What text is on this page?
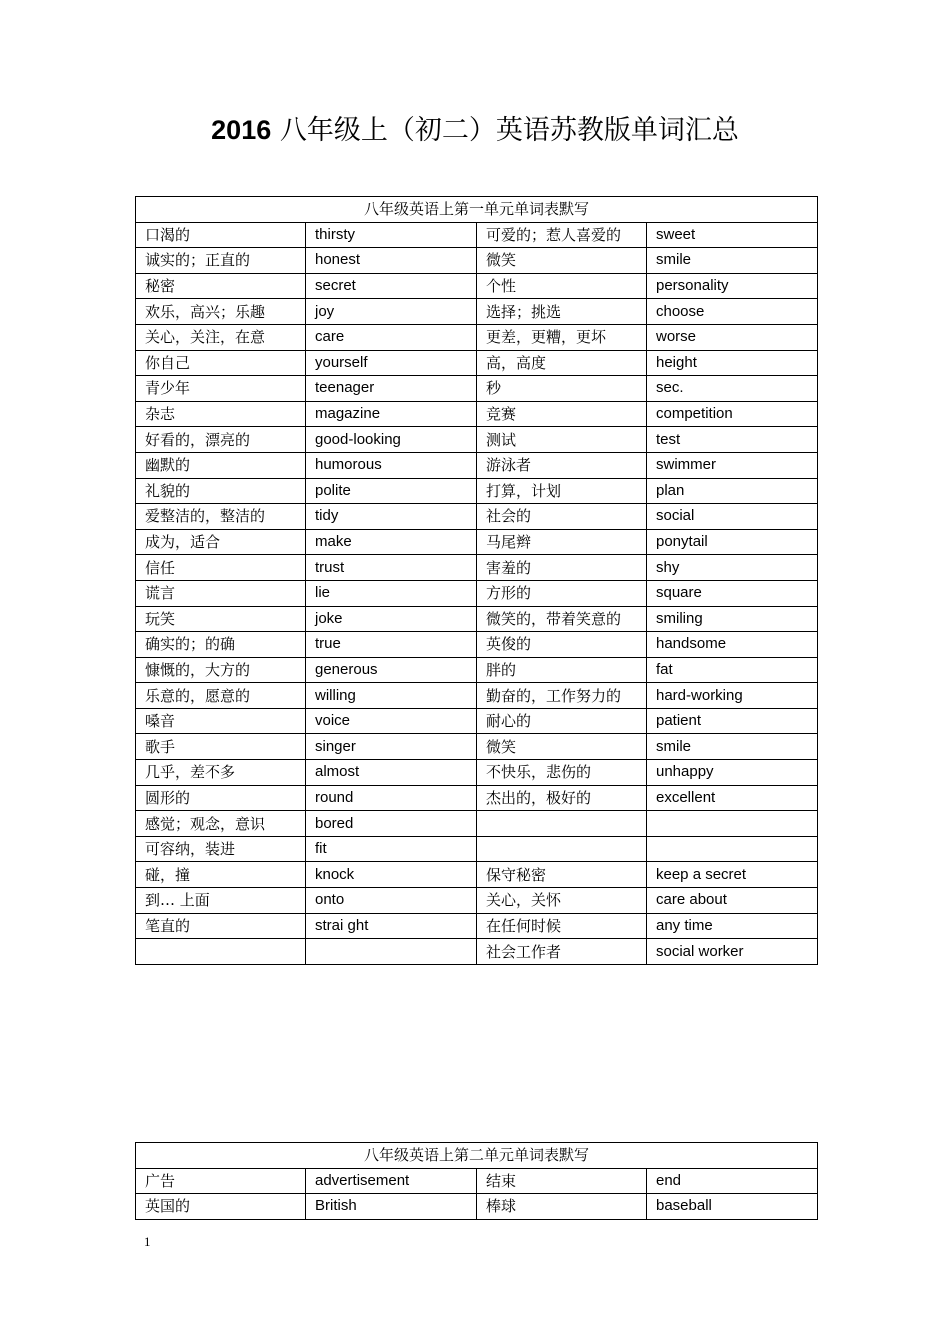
2016 八年级上（初二）英语苏教版单词汇总
八年级英语上第一单元单词表默写			
口渴的	thirsty	可爱的；惹人喜爱的	sweet
诚实的；正直的	honest	微笑	smile
秘密	secret	个性	personality
欢乐，高兴；乐趣	joy	选择；挑选	choose
关心，关注，在意	care	更差，更糟，更坏	worse
你自己	yourself	高，高度	height
青少年	teenager	秒	sec.
杂志	magazine	竞赛	competition
好看的，漂亮的	good-looking	测试	test
幽默的	humorous	游泳者	swimmer
礼貌的	polite	打算，计划	plan
爱整洁的，整洁的	tidy	社会的	social
成为，适合	make	马尾辫	ponytail
信任	trust	害羞的	shy
谎言	lie	方形的	square
玩笑	joke	微笑的，带着笑意的	smiling
确实的；的确	true	英俊的	handsome
慷慨的，大方的	generous	胖的	fat
乐意的，愿意的	willing	勤奋的，工作努力的	hard-working
嗓音	voice	耐心的	patient
歌手	singer	微笑	smile
几乎，差不多	almost	不快乐，悲伤的	unhappy
圆形的	round	杰出的，极好的	excellent
感觉；观念，意识	bored		
可容纳，装进	fit		
碰，撞	knock	保守秘密	keep a secret
到… 上面	onto	关心，关怀	care about
笔直的	strai ght	在任何时候	any time
		社会工作者	social worker
八年级英语上第二单元单词表默写			
广告	advertisement	结束	end
英国的	British	棒球	baseball
1
